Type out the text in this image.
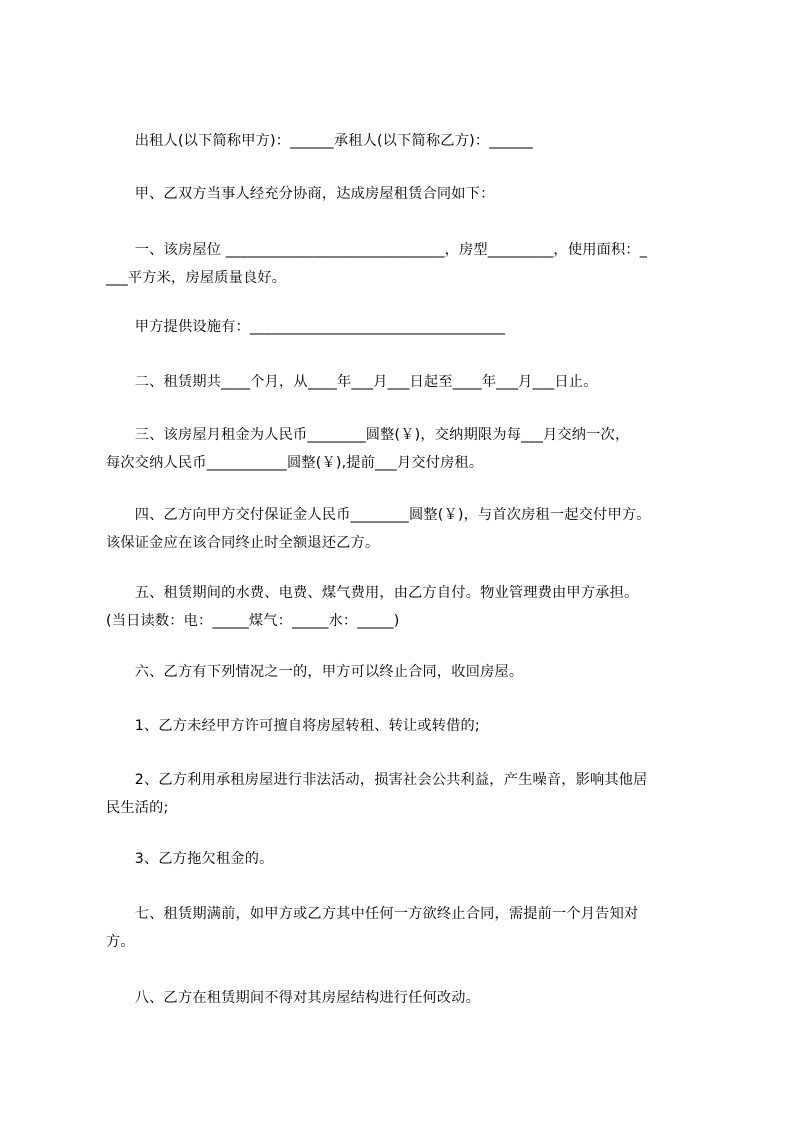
　　出租人(以下简称甲方)：______承租人(以下简称乙方)：______
　　甲、乙双方当事人经充分协商，达成房屋租赁合同如下：
　　一、该房屋位 ______________________________，房型_________，使用面积：_
___平方米，房屋质量良好。
　　甲方提供设施有：___________________________________
　　二、租赁期共____个月，从____年___月___日起至____年___月___日止。
　　三、该房屋月租金为人民币________圆整(￥)，交纳期限为每___月交纳一次，
每次交纳人民币___________圆整(￥),提前___月交付房租。
　　四、乙方向甲方交付保证金人民币________圆整(￥)，与首次房租一起交付甲方。
该保证金应在该合同终止时全额退还乙方。
　　五、租赁期间的水费、电费、煤气费用，由乙方自付。物业管理费由甲方承担。
(当日读数：电：_____煤气：_____水：_____)
　　六、乙方有下列情况之一的，甲方可以终止合同，收回房屋。
　　1、乙方未经甲方许可擅自将房屋转租、转让或转借的;
　　2、乙方利用承租房屋进行非法活动，损害社会公共利益，产生噪音，影响其他居
民生活的;
　　3、乙方拖欠租金的。
　　七、租赁期满前，如甲方或乙方其中任何一方欲终止合同，需提前一个月告知对
方。
　　八、乙方在租赁期间不得对其房屋结构进行任何改动。
